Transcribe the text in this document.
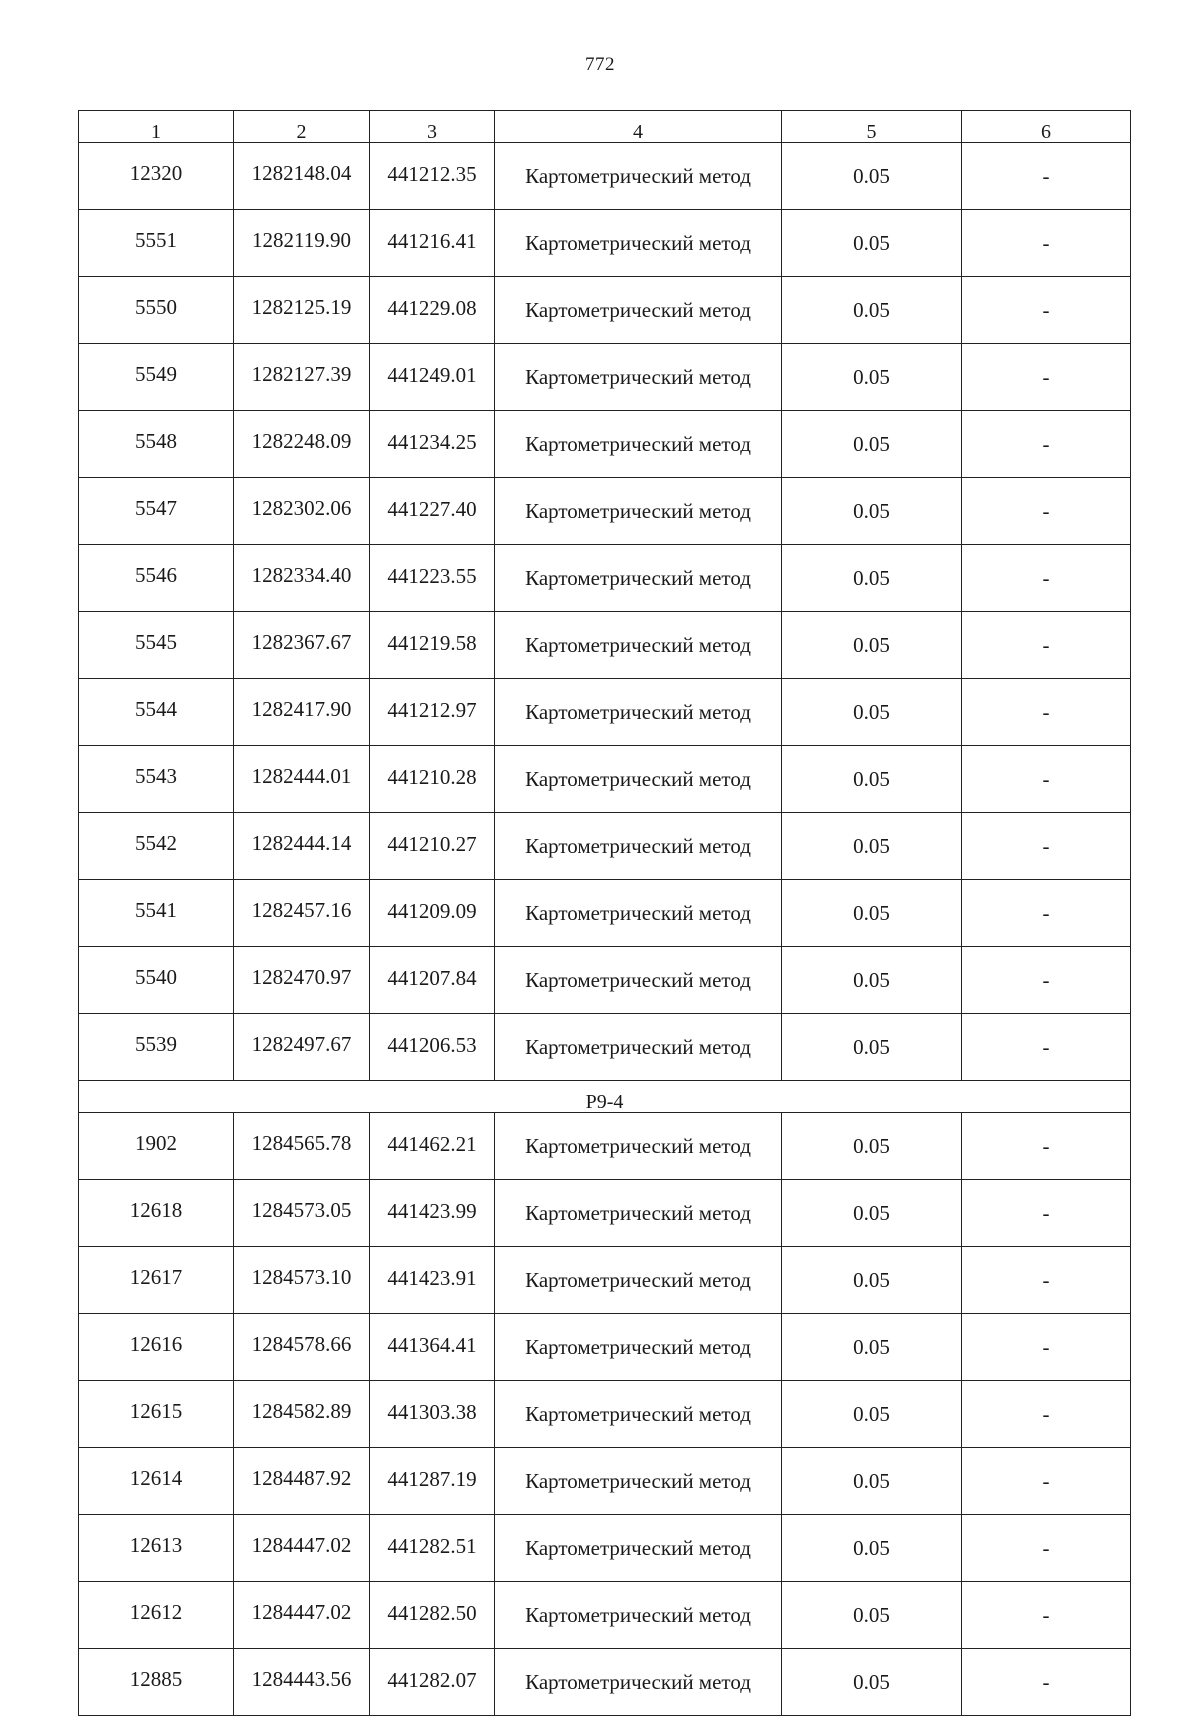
772
1	2	3	4	5	6
12320	1282148.04	441212.35	Картометрический метод	0.05	-
5551	1282119.90	441216.41	Картометрический метод	0.05	-
5550	1282125.19	441229.08	Картометрический метод	0.05	-
5549	1282127.39	441249.01	Картометрический метод	0.05	-
5548	1282248.09	441234.25	Картометрический метод	0.05	-
5547	1282302.06	441227.40	Картометрический метод	0.05	-
5546	1282334.40	441223.55	Картометрический метод	0.05	-
5545	1282367.67	441219.58	Картометрический метод	0.05	-
5544	1282417.90	441212.97	Картометрический метод	0.05	-
5543	1282444.01	441210.28	Картометрический метод	0.05	-
5542	1282444.14	441210.27	Картометрический метод	0.05	-
5541	1282457.16	441209.09	Картометрический метод	0.05	-
5540	1282470.97	441207.84	Картометрический метод	0.05	-
5539	1282497.67	441206.53	Картометрический метод	0.05	-
Р9-4					
1902	1284565.78	441462.21	Картометрический метод	0.05	-
12618	1284573.05	441423.99	Картометрический метод	0.05	-
12617	1284573.10	441423.91	Картометрический метод	0.05	-
12616	1284578.66	441364.41	Картометрический метод	0.05	-
12615	1284582.89	441303.38	Картометрический метод	0.05	-
12614	1284487.92	441287.19	Картометрический метод	0.05	-
12613	1284447.02	441282.51	Картометрический метод	0.05	-
12612	1284447.02	441282.50	Картометрический метод	0.05	-
12885	1284443.56	441282.07	Картометрический метод	0.05	-
